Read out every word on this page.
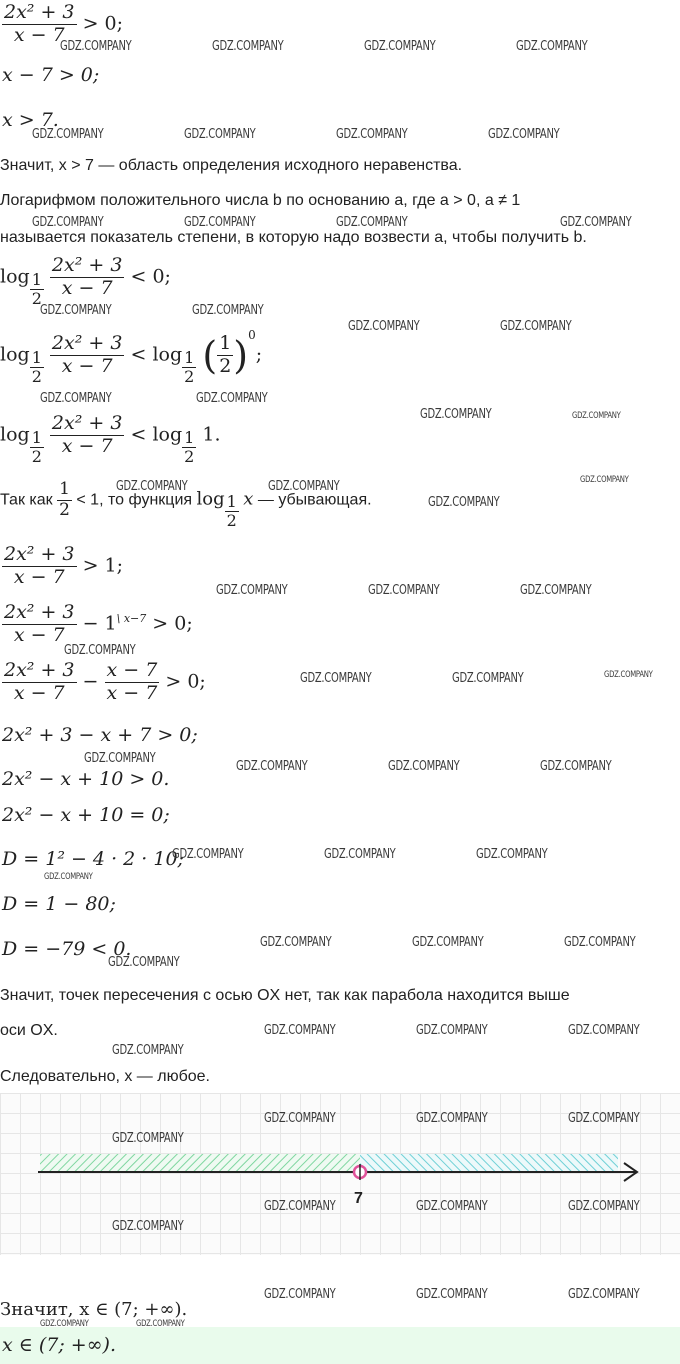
$\frac{\text{2x² + 3}}{x - 7} > 0$;
x − 7 > 0;
x > 7.
Значит, x > 7 — область определения исходного неравенства.
Логарифмом положительного числа b по основанию a, где a > 0, a ≠ 1
называется показатель степени, в которую надо возвести a, чтобы получить b.
$\log \frac{1}{2}$
$\frac{\text{2x² + 3}}{x - 7} < 0$;
$\log \frac{1}{2}$
$\frac{\text{2x² + 3}}{x - 7} < \log \frac{1}{2}$ ( $\frac{1}{2} )^0$;
$\log \frac{1}{2}$
$\frac{\text{2x² + 3}}{x - 7} < \log \frac{1}{2} 1$.
Так как $\frac{1}{2} < 1$, то функция $\log \frac{1}{2}$ x — убывающая.
$\frac{\text{2x² + 3}}{x - 7} > 1$;
$\frac{\text{2x² + 3}}{x - 7} - 1^{\backslash x-7} > 0$;
$\frac{\text{2x² + 3}}{x - 7} - \frac{x - 7}{x - 7} > 0$;
2x² + 3 − x + 7 > 0;
2x² − x + 10 > 0.
2x² − x + 10 = 0;
D = 1² − 4 · 2 · 10;
D = 1 − 80;
D = −79 < 0.
Значит, точек пересечения с осью OX нет, так как парабола находится выше
оси OX.
Следовательно, x — любое.
7
Значит, x ∈ (7; +∞).
x ∈ (7; +∞).
GDZ.COMPANY	GDZ.COMPANY	GDZ.COMPANY	GDZ.COMPANY
GDZ.COMPANY	GDZ.COMPANY	GDZ.COMPANY	GDZ.COMPANY
GDZ.COMPANY	GDZ.COMPANY	GDZ.COMPANY	GDZ.COMPANY
GDZ.COMPANY	GDZ.COMPANY
GDZ.COMPANY	GDZ.COMPANY
GDZ.COMPANY	GDZ.COMPANY
GDZ.COMPANY	GDZ.COMPANY
GDZ.COMPANY	GDZ.COMPANY	GDZ.COMPANY
GDZ.COMPANY
GDZ.COMPANY	GDZ.COMPANY	GDZ.COMPANY
GDZ.COMPANY
GDZ.COMPANY	GDZ.COMPANY	GDZ.COMPANY
GDZ.COMPANY
GDZ.COMPANY	GDZ.COMPANY	GDZ.COMPANY
GDZ.COMPANY	GDZ.COMPANY	GDZ.COMPANY
GDZ.COMPANY
GDZ.COMPANY	GDZ.COMPANY	GDZ.COMPANY
GDZ.COMPANY
GDZ.COMPANY	GDZ.COMPANY	GDZ.COMPANY
GDZ.COMPANY
GDZ.COMPANY	GDZ.COMPANY	GDZ.COMPANY
GDZ.COMPANY
GDZ.COMPANY	GDZ.COMPANY	GDZ.COMPANY
GDZ.COMPANY
GDZ.COMPANY	GDZ.COMPANY	GDZ.COMPANY
GDZ.COMPANY	GDZ.COMPANY
